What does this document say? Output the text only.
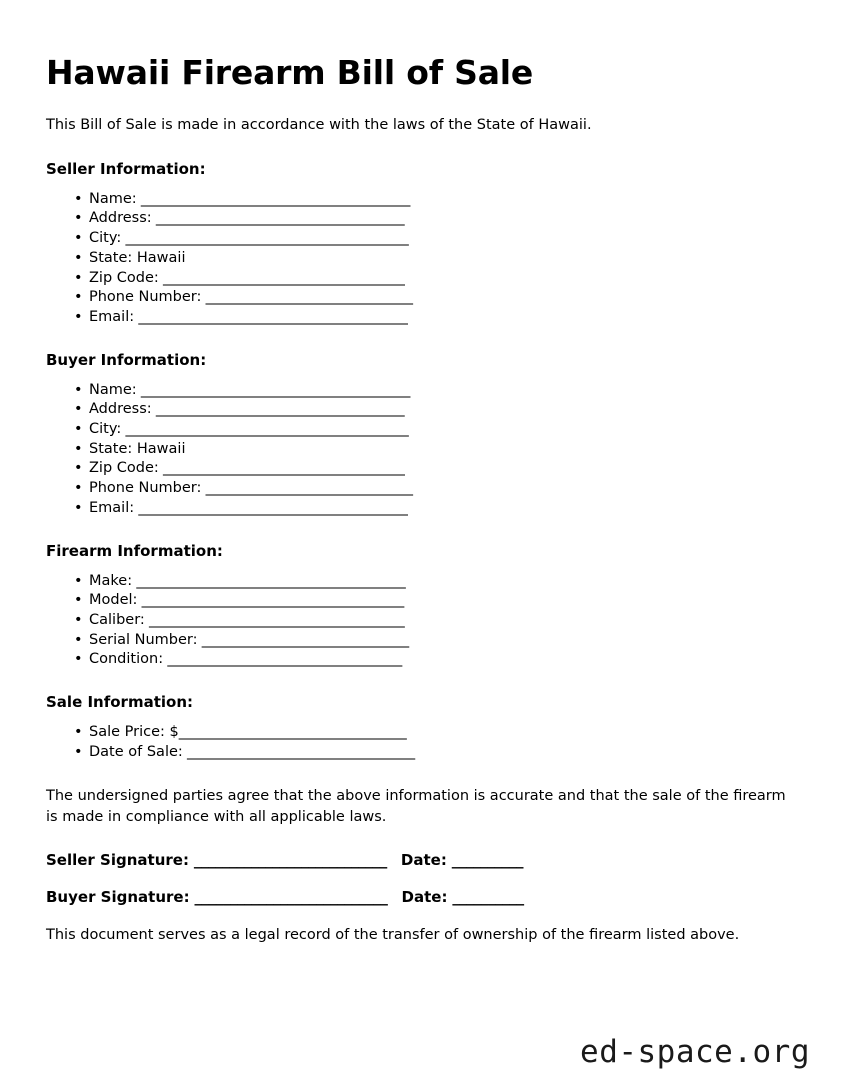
Hawaii Firearm Bill of Sale

This Bill of Sale is made in accordance with the laws of the State of Hawaii.

Seller Information:
• Name: _______________________________________
• Address: ____________________________________
• City: _________________________________________
• State: Hawaii
• Zip Code: ___________________________________
• Phone Number: ______________________________
• Email: _______________________________________
Buyer Information:
• Name: _______________________________________
• Address: ____________________________________
• City: _________________________________________
• State: Hawaii
• Zip Code: ___________________________________
• Phone Number: ______________________________
• Email: _______________________________________
Firearm Information:
• Make: _______________________________________
• Model: ______________________________________
• Caliber: _____________________________________
• Serial Number: ______________________________
• Condition: __________________________________
Sale Information:
• Sale Price: $_________________________________
• Date of Sale: _________________________________

The undersigned parties agree that the above information is accurate and that the sale of the firearm is made in compliance with all applicable laws.

Seller Signature: ___________________________ Date: __________
Buyer Signature: ___________________________ Date: __________

This document serves as a legal record of the transfer of ownership of the firearm listed above.

ed-space.org
